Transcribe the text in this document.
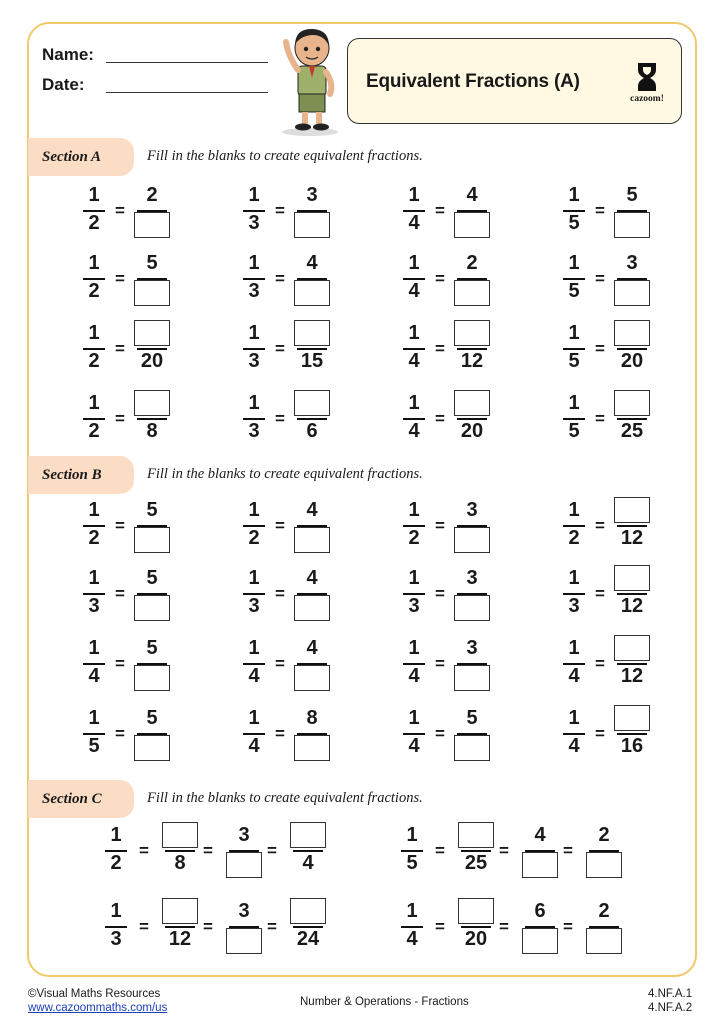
Name:
Date:	Equivalent Fractions (A)
cazoom!
Section A	Fill in the blanks to create equivalent fractions.
Section B	Fill in the blanks to create equivalent fractions.
Section C	Fill in the blanks to create equivalent fractions.
1
2
=
2	1
3
=
3	1
4
=
4	1
5
=
5
1
2
=
5	1
3
=
4	1
4
=
2	1
5
=
3
1
2
=
20
1
3
=
15
1
4
=
12
1
5
=
20
1
2
=
8
1
3
=
6
1
4
=
20
1
5
=
25
1
2
=
5	1
2
=
4	1
2
=
3	1
2
=
12
1
3
=
5	1
3
=
4	1
3
=
3	1
3
=
12
1
4
=
5	1
4
=
4	1
4
=
3	1
4
=
12
1
5
=
5	1
4
=
8	1
4
=
5	1
4
=
16
1
2
=
8
=
3
=
4
1
5
=
25
=
4
=
2
1
3
=
12
=
3
=
24
1
4
=
20
=
6
=
2
©Visual Maths Resources
www.cazoommaths.com/us	Number & Operations - Fractions
4.NF.A.1
4.NF.A.2
